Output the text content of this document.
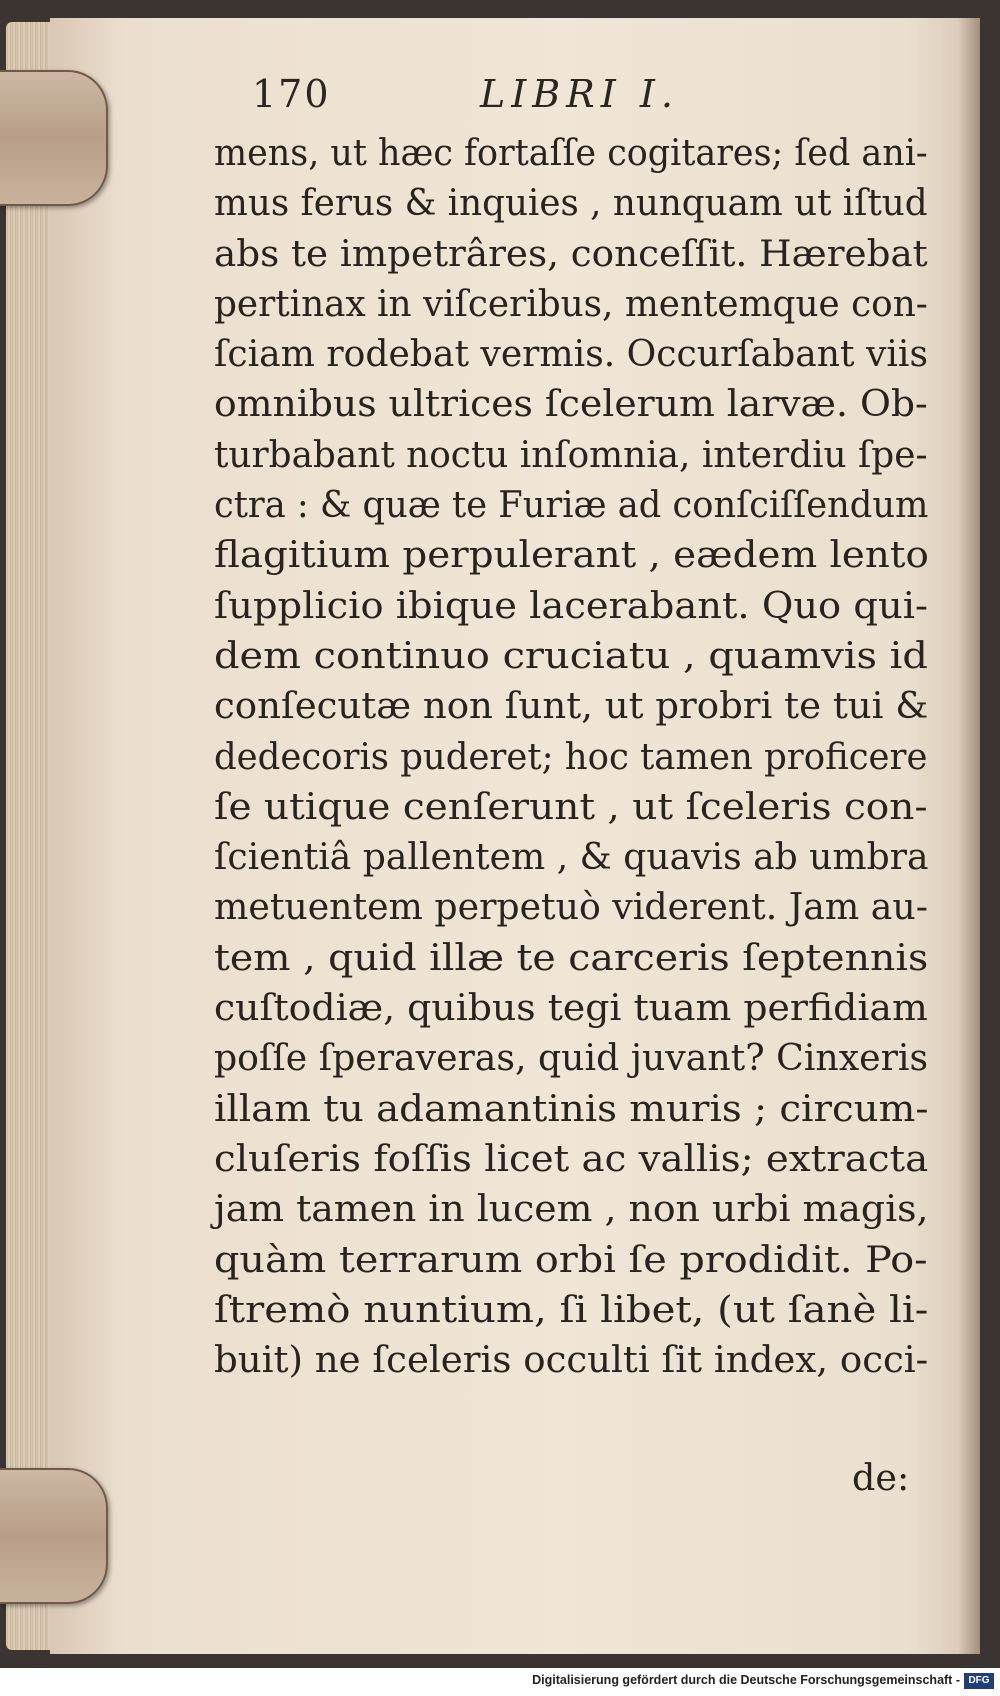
170	LIBRI I.
mens, ut hæc fortaſſe cogitares; ſed ani-
mus ferus & inquies , nunquam ut iſtud
abs te impetrâres, conceſſit. Hærebat
pertinax in viſceribus, mentemque con-
ſciam rodebat vermis. Occurſabant viis
omnibus ultrices ſcelerum larvæ. Ob-
turbabant noctu inſomnia, interdiu ſpe-
ctra : & quæ te Furiæ ad conſciſſendum
flagitium perpulerant , eædem lento
ſupplicio ibique lacerabant. Quo qui-
dem continuo cruciatu , quamvis id
conſecutæ non ſunt, ut probri te tui &
dedecoris puderet; hoc tamen proficere
ſe utique cenſerunt , ut ſceleris con-
ſcientiâ pallentem , & quavis ab umbra
metuentem perpetuò viderent. Jam au-
tem , quid illæ te carceris ſeptennis
cuſtodiæ, quibus tegi tuam perfidiam
poſſe ſperaveras, quid juvant? Cinxeris
illam tu adamantinis muris ; circum-
cluſeris foſſis licet ac vallis; extracta
jam tamen in lucem , non urbi magis,
quàm terrarum orbi ſe prodidit. Po-
ſtremò nuntium, ſi libet, (ut ſanè li-
buit) ne ſceleris occulti ſit index, occi-
de:
Digitalisierung gefördert durch die Deutsche Forschungsgemeinschaft - DFG
